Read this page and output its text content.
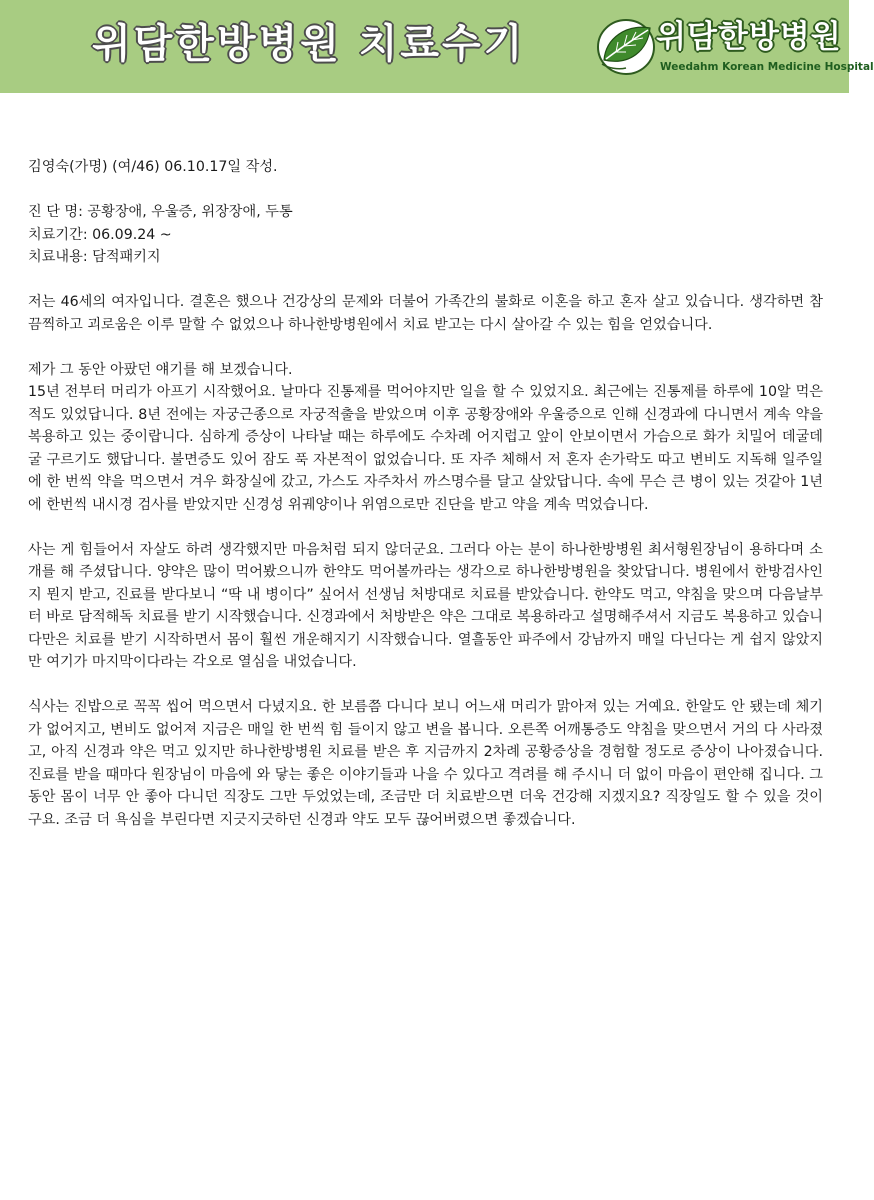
위담한방병원 치료수기	위담한방병원
Weedahm Korean Medicine Hospital

김영숙(가명) (여/46) 06.10.17일 작성.

진 단 명: 공황장애, 우울증, 위장장애, 두통

치료기간: 06.09.24 ~

치료내용: 담적패키지

저는 46세의 여자입니다. 결혼은 했으나 건강상의 문제와 더불어 가족간의 불화로 이혼을 하고 혼자 살고 있습니다. 생각하면 참 끔찍하고 괴로움은 이루 말할 수 없었으나 하나한방병원에서 치료 받고는 다시 살아갈 수 있는 힘을 얻었습니다.

제가 그 동안 아팠던 얘기를 해 보겠습니다.
15년 전부터 머리가 아프기 시작했어요. 날마다 진통제를 먹어야지만 일을 할 수 있었지요. 최근에는 진통제를 하루에 10알 먹은 적도 있었답니다. 8년 전에는 자궁근종으로 자궁적출을 받았으며 이후 공황장애와 우울증으로 인해 신경과에 다니면서 계속 약을 복용하고 있는 중이랍니다. 심하게 증상이 나타날 때는 하루에도 수차례 어지럽고 앞이 안보이면서 가슴으로 화가 치밀어 데굴데굴 구르기도 했답니다. 불면증도 있어 잠도 푹 자본적이 없었습니다. 또 자주 체해서 저 혼자 손가락도 따고 변비도 지독해 일주일에 한 번씩 약을 먹으면서 겨우 화장실에 갔고, 가스도 자주차서 까스명수를 달고 살았답니다. 속에 무슨 큰 병이 있는 것같아 1년에 한번씩 내시경 검사를 받았지만 신경성 위궤양이나 위염으로만 진단을 받고 약을 계속 먹었습니다.

사는 게 힘들어서 자살도 하려 생각했지만 마음처럼 되지 않더군요. 그러다 아는 분이 하나한방병원 최서형원장님이 용하다며 소개를 해 주셨답니다. 양약은 많이 먹어봤으니까 한약도 먹어볼까라는 생각으로 하나한방병원을 찾았답니다. 병원에서 한방검사인지 뭔지 받고, 진료를 받다보니 “딱 내 병이다” 싶어서 선생님 처방대로 치료를 받았습니다. 한약도 먹고, 약침을 맞으며 다음날부터 바로 담적해독 치료를 받기 시작했습니다. 신경과에서 처방받은 약은 그대로 복용하라고 설명해주셔서 지금도 복용하고 있습니다만은 치료를 받기 시작하면서 몸이 훨씬 개운해지기 시작했습니다. 열흘동안 파주에서 강남까지 매일 다닌다는 게 쉽지 않았지만 여기가 마지막이다라는 각오로 열심을 내었습니다.

식사는 진밥으로 꼭꼭 씹어 먹으면서 다녔지요. 한 보름쯤 다니다 보니 어느새 머리가 맑아져 있는 거예요. 한알도 안 됐는데 체기가 없어지고, 변비도 없어져 지금은 매일 한 번씩 힘 들이지 않고 변을 봅니다. 오른쪽 어깨통증도 약침을 맞으면서 거의 다 사라졌고, 아직 신경과 약은 먹고 있지만 하나한방병원 치료를 받은 후 지금까지 2차례 공황증상을 경험할 정도로 증상이 나아졌습니다. 진료를 받을 때마다 원장님이 마음에 와 닿는 좋은 이야기들과 나을 수 있다고 격려를 해 주시니 더 없이 마음이 편안해 집니다. 그동안 몸이 너무 안 좋아 다니던 직장도 그만 두었었는데, 조금만 더 치료받으면 더욱 건강해 지겠지요? 직장일도 할 수 있을 것이구요. 조금 더 욕심을 부린다면 지긋지긋하던 신경과 약도 모두 끊어버렸으면 좋겠습니다.
